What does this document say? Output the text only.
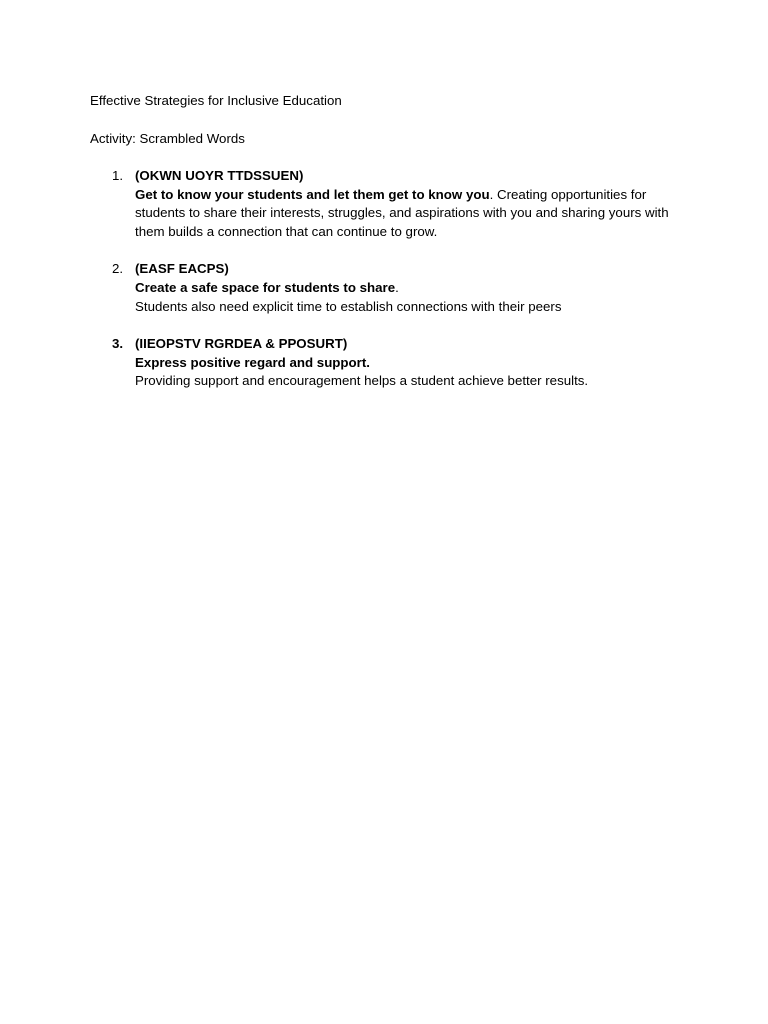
Effective Strategies for Inclusive Education

Activity: Scrambled Words

1. (OKWN UOYR TTDSSUEN)
Get to know your students and let them get to know you. Creating opportunities for students to share their interests, struggles, and aspirations with you and sharing yours with them builds a connection that can continue to grow.
2. (EASF EACPS)
Create a safe space for students to share.
Students also need explicit time to establish connections with their peers
3. (IIEOPSTV RGRDEA & PPOSURT)
Express positive regard and support.
Providing support and encouragement helps a student achieve better results.
